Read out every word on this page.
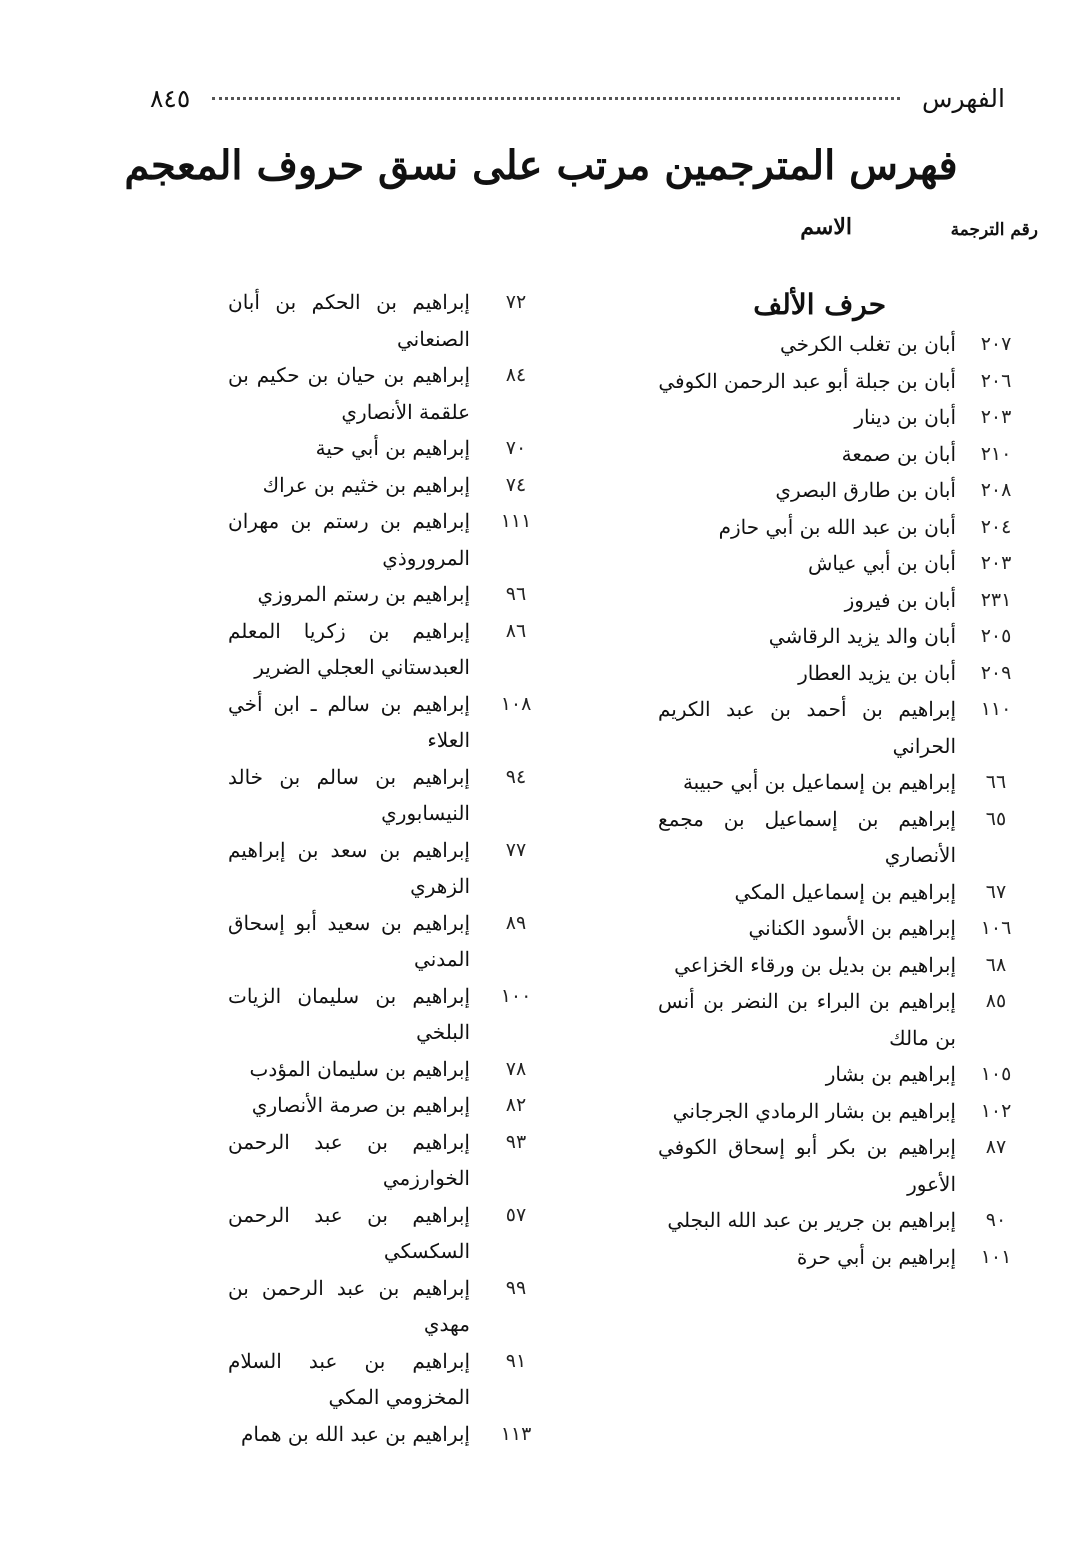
الفهرس
٨٤٥
فهرس المترجمين مرتب على نسق حروف المعجم
رقم الترجمة
الاسم
حرف الألف
٢٠٧
أبان بن تغلب الكرخي
٢٠٦
أبان بن جبلة أبو عبد الرحمن الكوفي
٢٠٣
أبان بن دينار
٢١٠
أبان بن صمعة
٢٠٨
أبان بن طارق البصري
٢٠٤
أبان بن عبد الله بن أبي حازم
٢٠٣
أبان بن أبي عياش
٢٣١
أبان بن فيروز
٢٠٥
أبان والد يزيد الرقاشي
٢٠٩
أبان بن يزيد العطار
١١٠
إبراهيم بن أحمد بن عبد الكريم الحراني
٦٦
إبراهيم بن إسماعيل بن أبي حبيبة
٦٥
إبراهيم بن إسماعيل بن مجمع الأنصاري
٦٧
إبراهيم بن إسماعيل المكي
١٠٦
إبراهيم بن الأسود الكناني
٦٨
إبراهيم بن بديل بن ورقاء الخزاعي
٨٥
إبراهيم بن البراء بن النضر بن أنس بن مالك
١٠٥
إبراهيم بن بشار
١٠٢
إبراهيم بن بشار الرمادي الجرجاني
٨٧
إبراهيم بن بكر أبو إسحاق الكوفي الأعور
٩٠
إبراهيم بن جرير بن عبد الله البجلي
١٠١
إبراهيم بن أبي حرة
٧٢
إبراهيم بن الحكم بن أبان الصنعاني
٨٤
إبراهيم بن حيان بن حكيم بن علقمة الأنصاري
٧٠
إبراهيم بن أبي حية
٧٤
إبراهيم بن خثيم بن عراك
١١١
إبراهيم بن رستم بن مهران المروروذي
٩٦
إبراهيم بن رستم المروزي
٨٦
إبراهيم بن زكريا المعلم العبدستاني العجلي الضرير
١٠٨
إبراهيم بن سالم ـ ابن أخي العلاء
٩٤
إبراهيم بن سالم بن خالد النيسابوري
٧٧
إبراهيم بن سعد بن إبراهيم الزهري
٨٩
إبراهيم بن سعيد أبو إسحاق المدني
١٠٠
إبراهيم بن سليمان الزيات البلخي
٧٨
إبراهيم بن سليمان المؤدب
٨٢
إبراهيم بن صرمة الأنصاري
٩٣
إبراهيم بن عبد الرحمن الخوارزمي
٥٧
إبراهيم بن عبد الرحمن السكسكي
٩٩
إبراهيم بن عبد الرحمن بن مهدي
٩١
إبراهيم بن عبد السلام المخزومي المكي
١١٣
إبراهيم بن عبد الله بن همام
